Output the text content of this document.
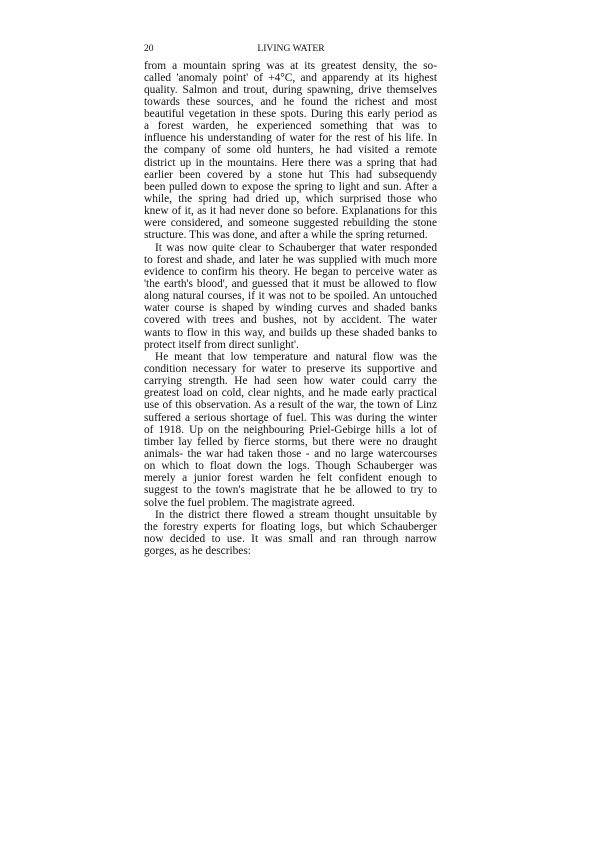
20	LIVING WATER
from a mountain spring was at its greatest density, the so-
called 'anomaly point' of +4°C, and apparendy at its highest
quality. Salmon and trout, during spawning, drive themselves
towards these sources, and he found the richest and most
beautiful vegetation in these spots. During this early period as
a forest warden, he experienced something that was to
influence his understanding of water for the rest of his life. In
the company of some old hunters, he had visited a remote
district up in the mountains. Here there was a spring that had
earlier been covered by a stone hut This had subsequendy
been pulled down to expose the spring to light and sun. After a
while, the spring had dried up, which surprised those who
knew of it, as it had never done so before. Explanations for this
were considered, and someone suggested rebuilding the stone
structure. This was done, and after a while the spring returned.
It was now quite clear to Schauberger that water responded
to forest and shade, and later he was supplied with much more
evidence to confirm his theory. He began to perceive water as
'the earth's blood', and guessed that it must be allowed to flow
along natural courses, if it was not to be spoiled. An untouched
water course is shaped by winding curves and shaded banks
covered with trees and bushes, not by accident. The water
wants to flow in this way, and builds up these shaded banks to
protect itself from direct sunlight'.
He meant that low temperature and natural flow was the
condition necessary for water to preserve its supportive and
carrying strength. He had seen how water could carry the
greatest load on cold, clear nights, and he made early practical
use of this observation. As a result of the war, the town of Linz
suffered a serious shortage of fuel. This was during the winter
of 1918. Up on the neighbouring Priel-Gebirge hills a lot of
timber lay felled by fierce storms, but there were no draught
animals- the war had taken those - and no large watercourses
on which to float down the logs. Though Schauberger was
merely a junior forest warden he felt confident enough to
suggest to the town's magistrate that he be allowed to try to
solve the fuel problem. The magistrate agreed.
In the district there flowed a stream thought unsuitable by
the forestry experts for floating logs, but which Schauberger
now decided to use. It was small and ran through narrow
gorges, as he describes:
